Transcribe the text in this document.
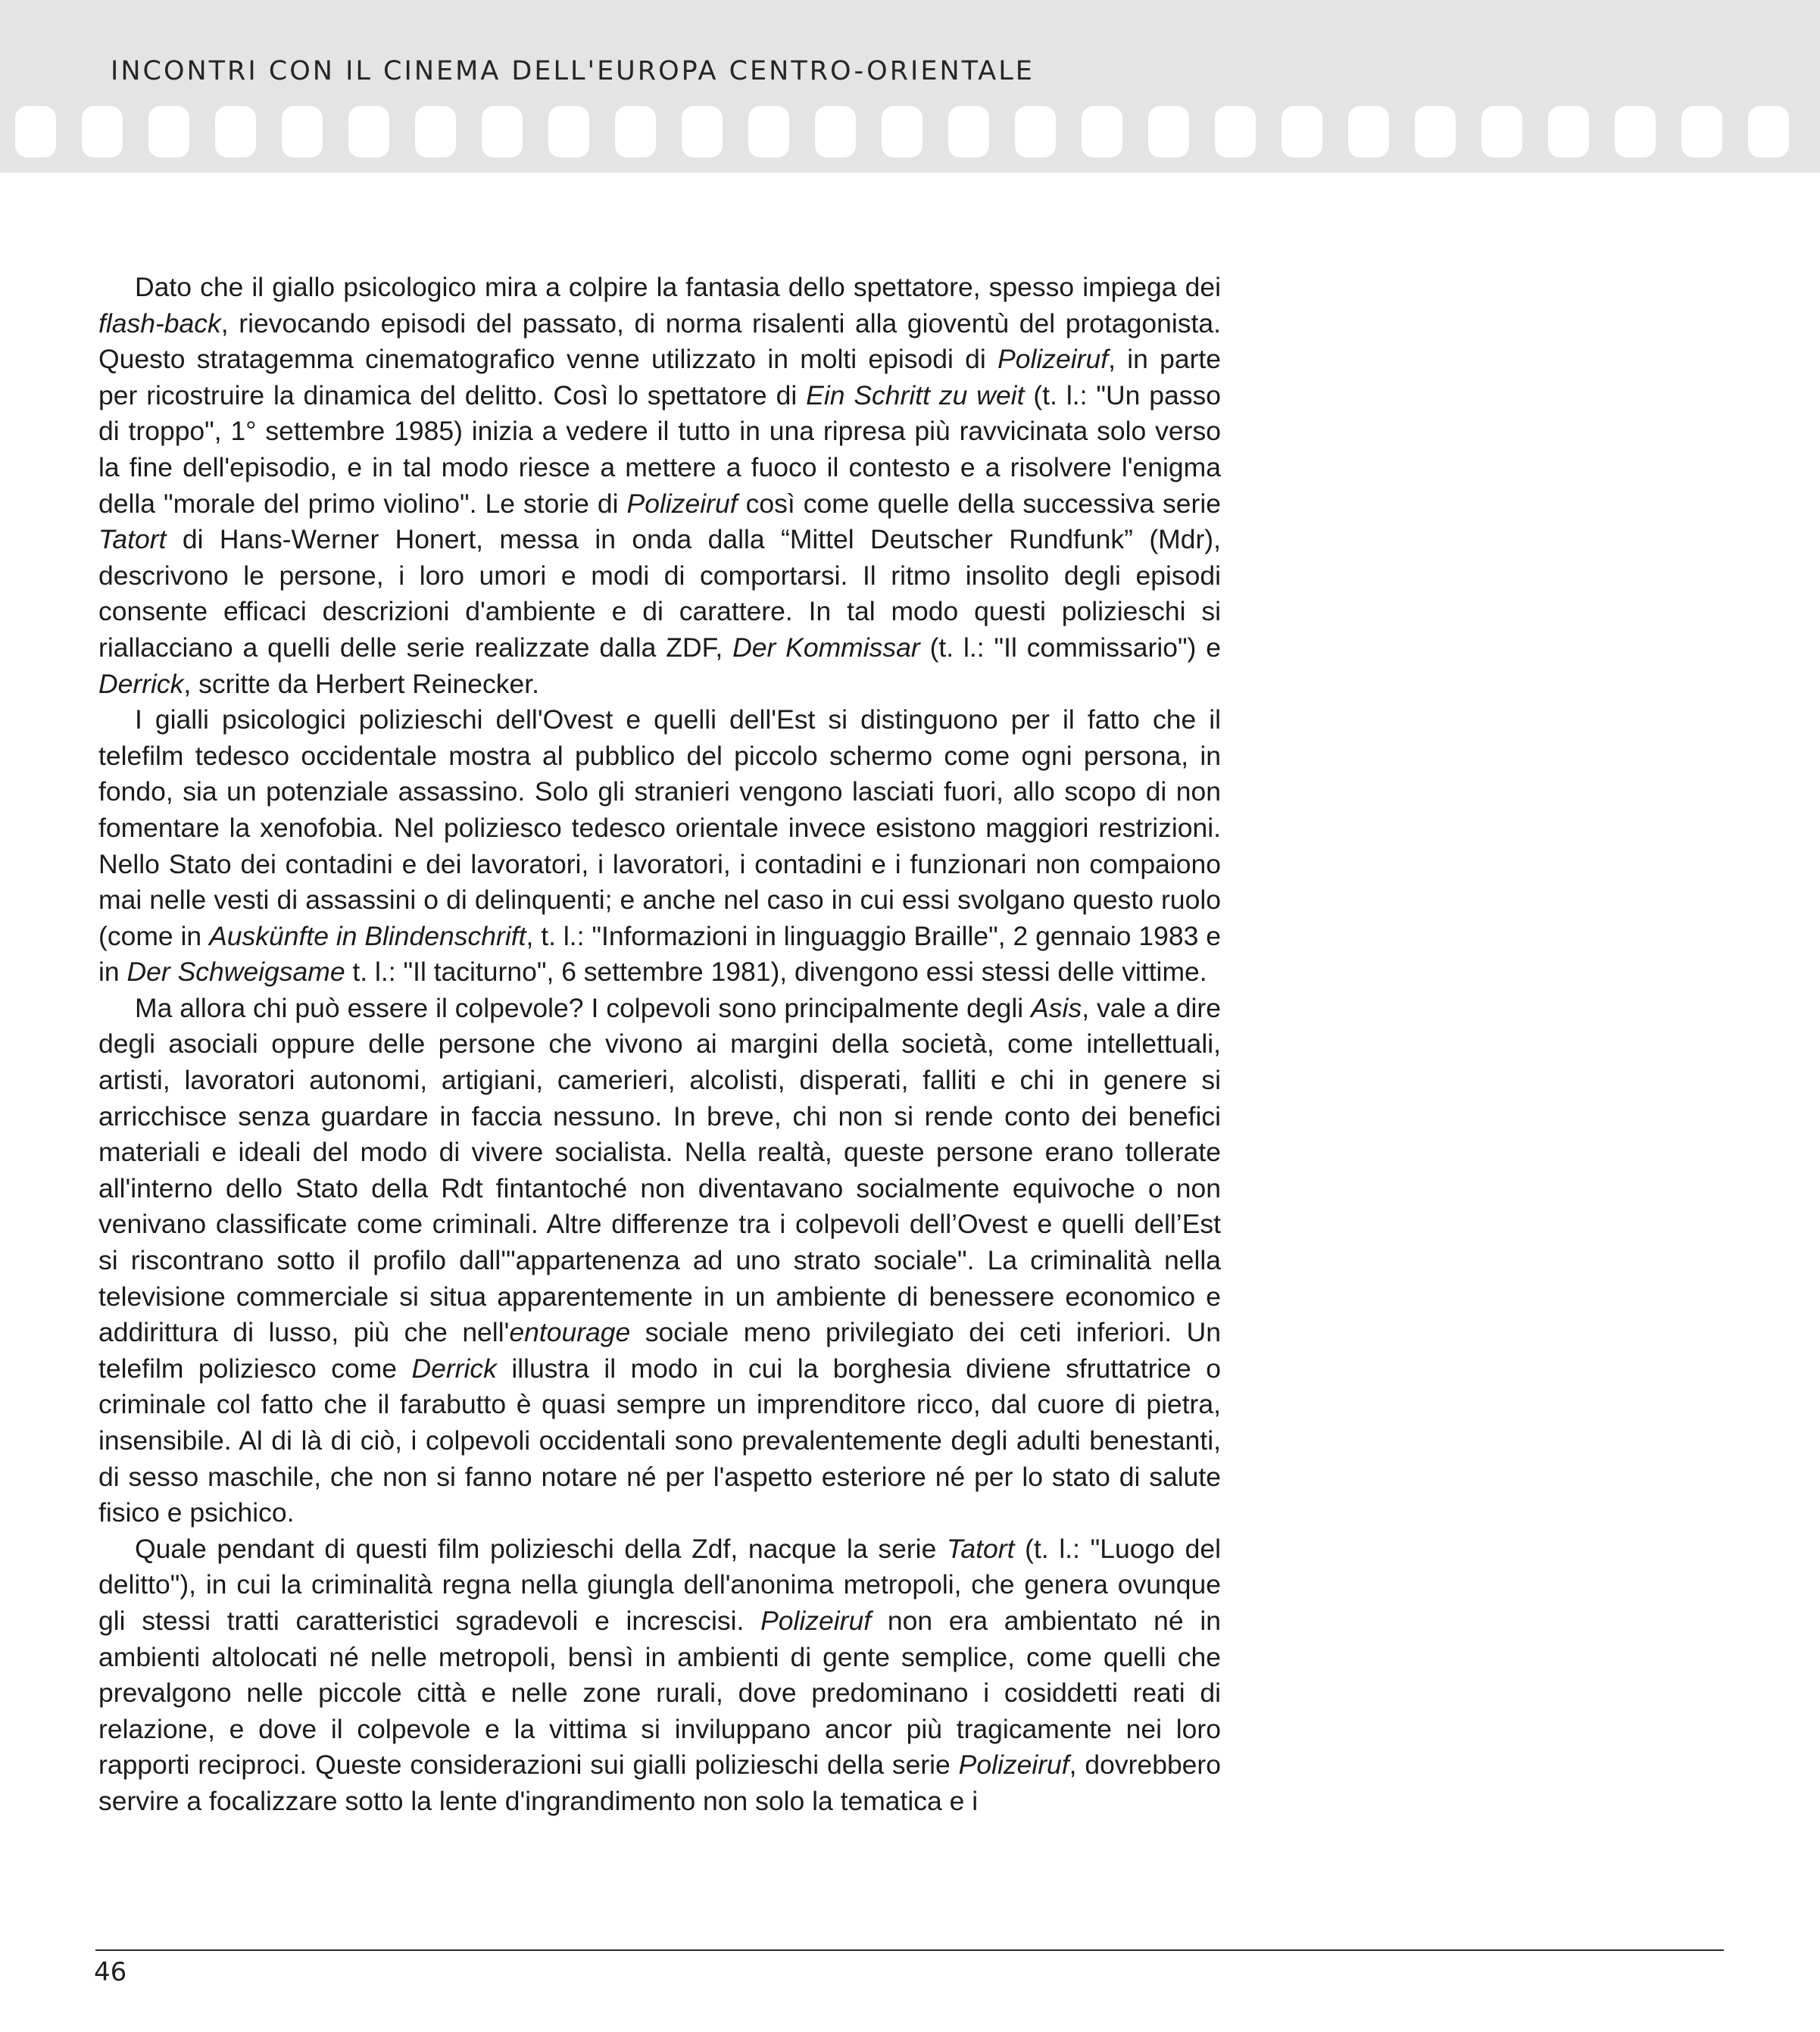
INCONTRI CON IL CINEMA DELL'EUROPA CENTRO-ORIENTALE

Dato che il giallo psicologico mira a colpire la fantasia dello spettatore, spesso impiega dei flash-back, rievocando episodi del passato, di norma risalenti alla gioventù del protagonista. Questo stratagemma cinematografico venne utilizzato in molti episodi di Polizeiruf, in parte per ricostruire la dinamica del delitto. Così lo spettatore di Ein Schritt zu weit (t. l.: "Un passo di troppo", 1° settembre 1985) inizia a vedere il tutto in una ripresa più ravvicinata solo verso la fine dell'episodio, e in tal modo riesce a mettere a fuoco il contesto e a risolvere l'enigma della "morale del primo violino". Le storie di Polizeiruf così come quelle della successiva serie Tatort di Hans-Werner Honert, messa in onda dalla “Mittel Deutscher Rundfunk” (Mdr), descrivono le persone, i loro umori e modi di comportarsi. Il ritmo insolito degli episodi consente efficaci descrizioni d'ambiente e di carattere. In tal modo questi polizieschi si riallacciano a quelli delle serie realizzate dalla ZDF, Der Kommissar (t. l.: "Il commissario") e Derrick, scritte da Herbert Reinecker.

I gialli psicologici polizieschi dell'Ovest e quelli dell'Est si distinguono per il fatto che il telefilm tedesco occidentale mostra al pubblico del piccolo schermo come ogni persona, in fondo, sia un potenziale assassino. Solo gli stranieri vengono lasciati fuori, allo scopo di non fomentare la xenofobia. Nel poliziesco tedesco orientale invece esistono maggiori restrizioni. Nello Stato dei contadini e dei lavoratori, i lavoratori, i contadini e i funzionari non compaiono mai nelle vesti di assassini o di delinquenti; e anche nel caso in cui essi svolgano questo ruolo (come in Auskünfte in Blindenschrift, t. l.: "Informazioni in linguaggio Braille", 2 gennaio 1983 e in Der Schweigsame t. l.: "Il taciturno", 6 settembre 1981), divengono essi stessi delle vittime.

Ma allora chi può essere il colpevole? I colpevoli sono principalmente degli Asis, vale a dire degli asociali oppure delle persone che vivono ai margini della società, come intellettuali, artisti, lavoratori autonomi, artigiani, camerieri, alcolisti, disperati, falliti e chi in genere si arricchisce senza guardare in faccia nessuno. In breve, chi non si rende conto dei benefici materiali e ideali del modo di vivere socialista. Nella realtà, queste persone erano tollerate all'interno dello Stato della Rdt fintantoché non diventavano socialmente equivoche o non venivano classificate come criminali. Altre differenze tra i colpevoli dell’Ovest e quelli dell’Est si riscontrano sotto il profilo dall'"appartenenza ad uno strato sociale". La criminalità nella televisione commerciale si situa apparentemente in un ambiente di benessere economico e addirittura di lusso, più che nell'entourage sociale meno privilegiato dei ceti inferiori. Un telefilm poliziesco come Derrick illustra il modo in cui la borghesia diviene sfruttatrice o criminale col fatto che il farabutto è quasi sempre un imprenditore ricco, dal cuore di pietra, insensibile. Al di là di ciò, i colpevoli occidentali sono prevalentemente degli adulti benestanti, di sesso maschile, che non si fanno notare né per l'aspetto esteriore né per lo stato di salute fisico e psichico.

Quale pendant di questi film polizieschi della Zdf, nacque la serie Tatort (t. l.: "Luogo del delitto"), in cui la criminalità regna nella giungla dell'anonima metropoli, che genera ovunque gli stessi tratti caratteristici sgradevoli e increscisi. Polizeiruf non era ambientato né in ambienti altolocati né nelle metropoli, bensì in ambienti di gente semplice, come quelli che prevalgono nelle piccole città e nelle zone rurali, dove predominano i cosiddetti reati di relazione, e dove il colpevole e la vittima si inviluppano ancor più tragicamente nei loro rapporti reciproci. Queste considerazioni sui gialli polizieschi della serie Polizeiruf, dovrebbero servire a focalizzare sotto la lente d'ingrandimento non solo la tematica e i

46
